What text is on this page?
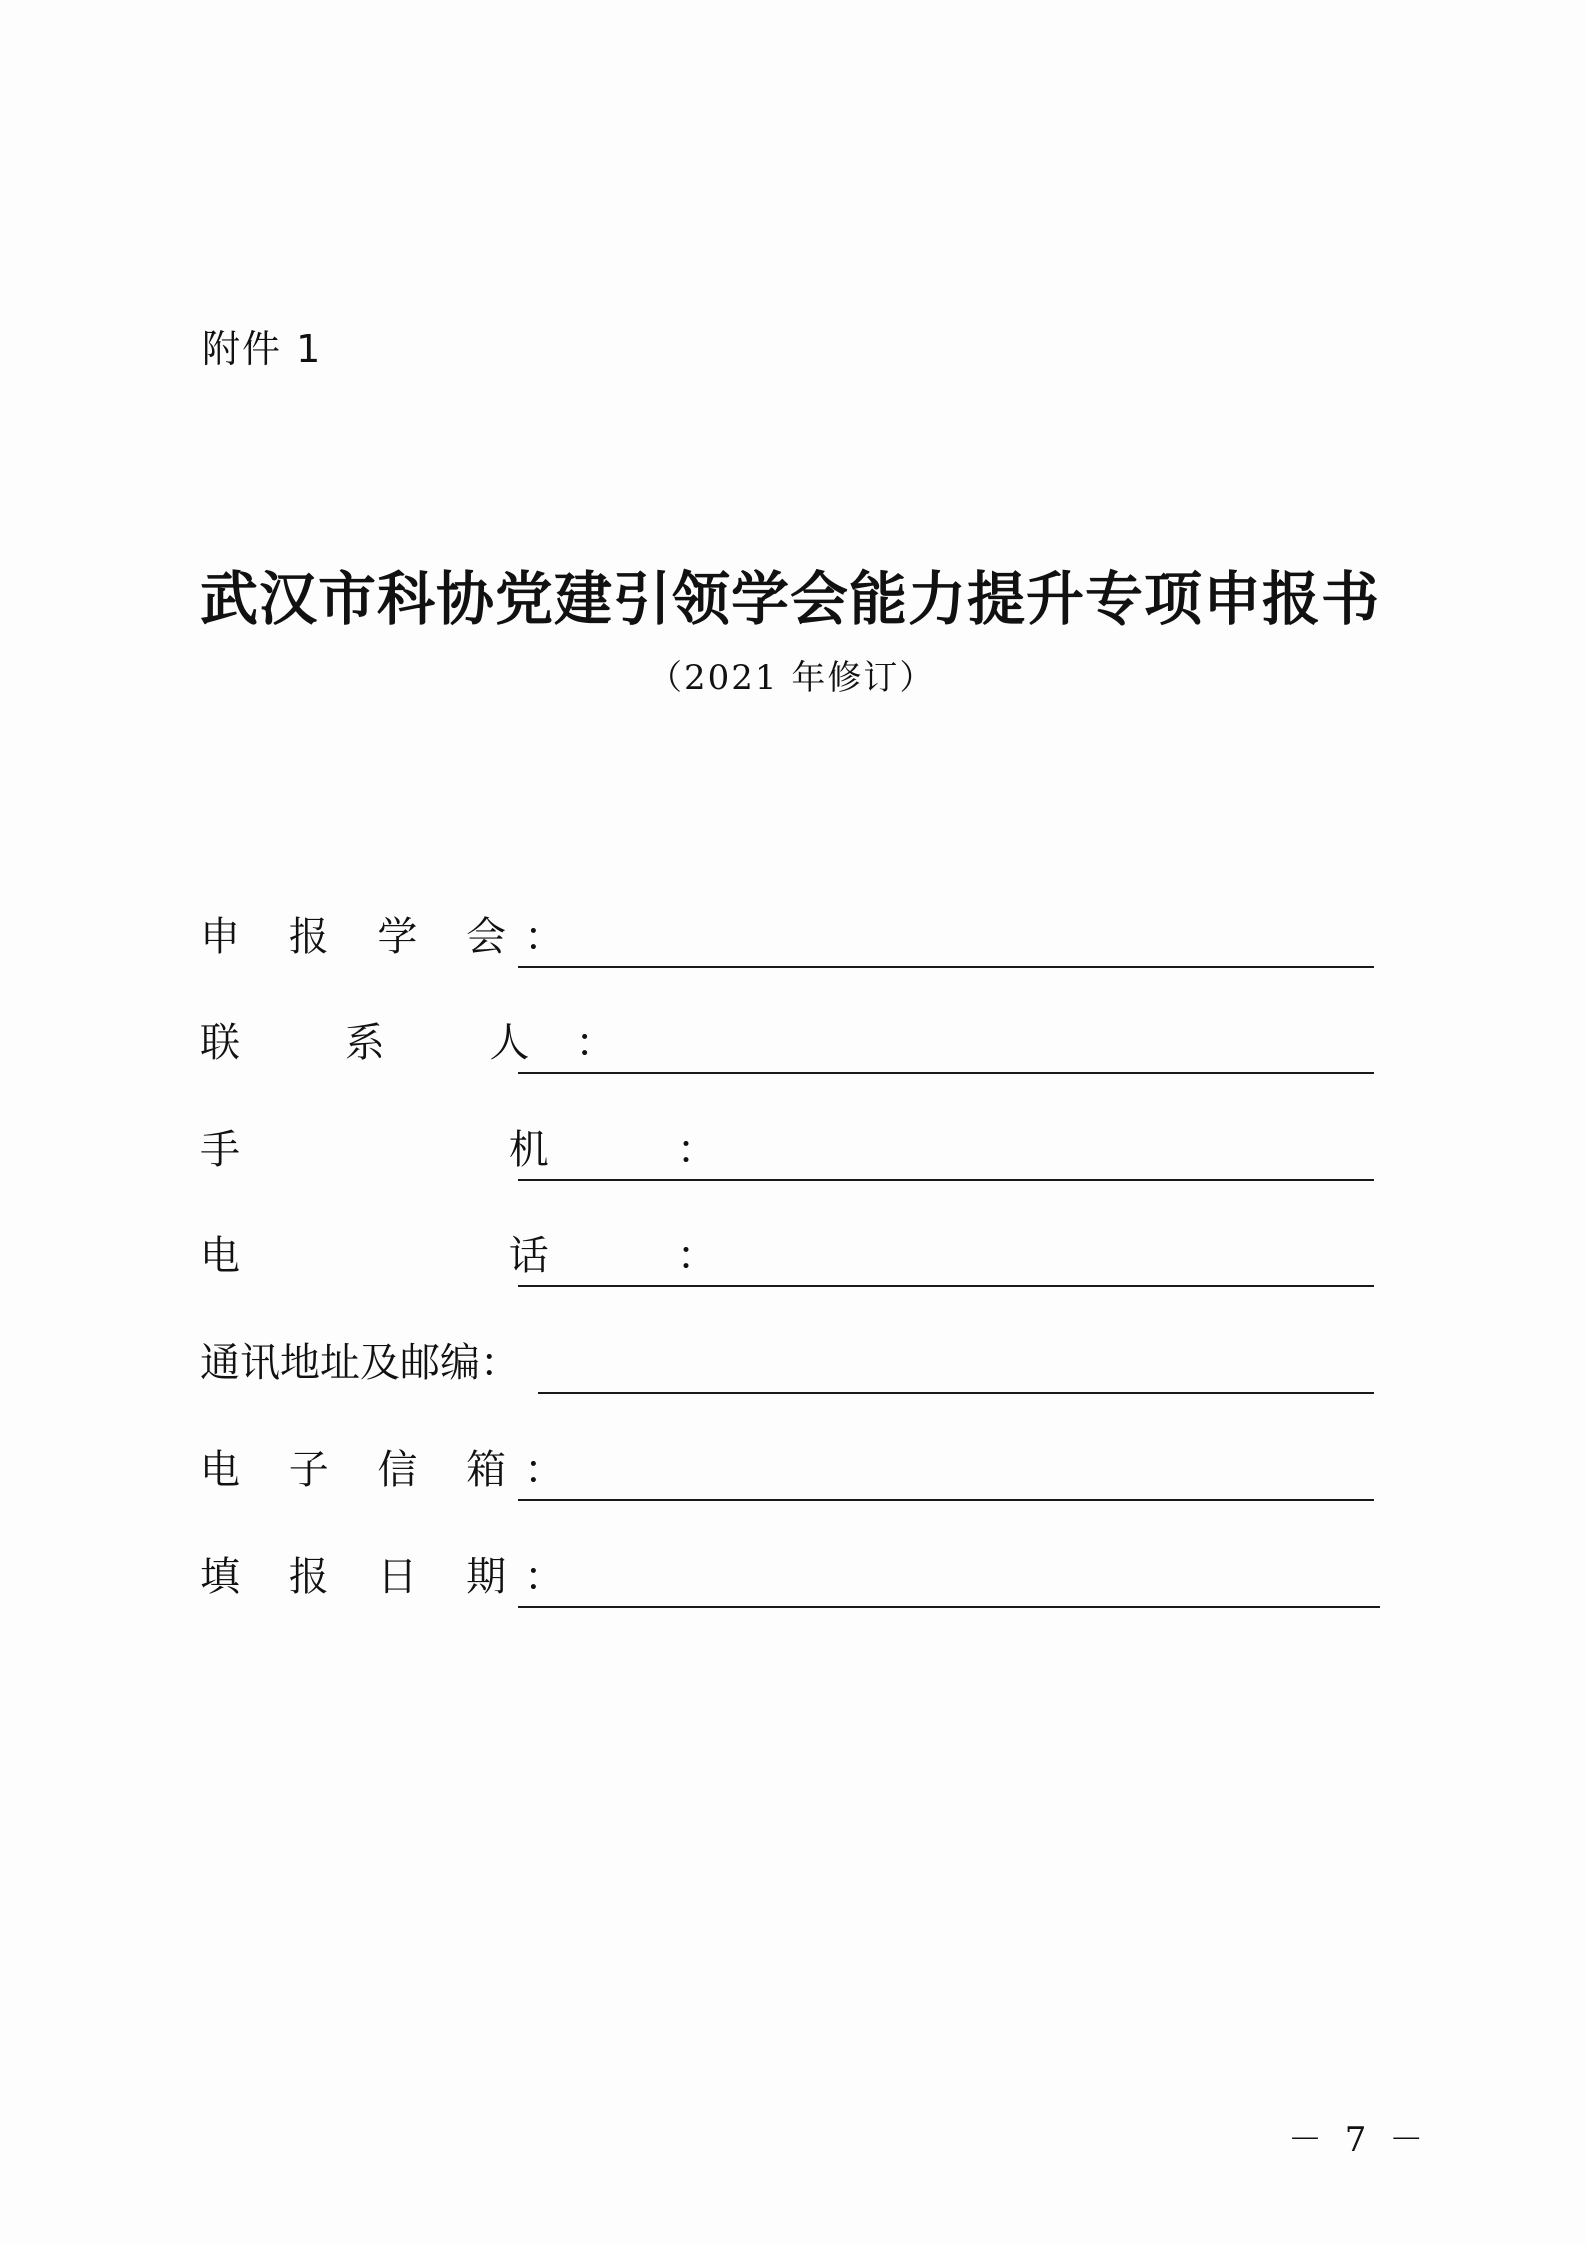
附件 1
武汉市科协党建引领学会能力提升专项申报书
（2021 年修订）
申 报 学 会：
联 系 人：
手 机：
电 话：
通讯地址及邮编：
电 子 信 箱：
填 报 日 期：
－ 7 －
